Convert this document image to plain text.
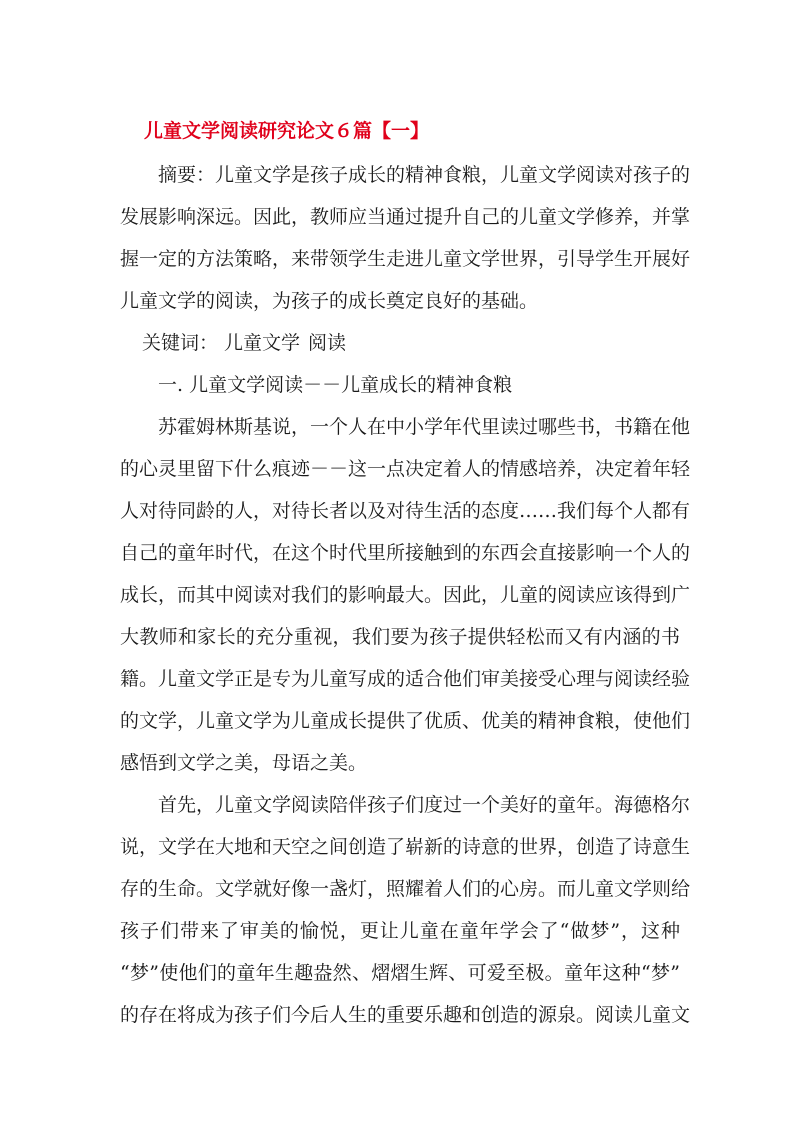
儿童文学阅读研究论文６篇【一】
摘要：儿童文学是孩子成长的精神食粮，儿童文学阅读对孩子的
发展影响深远。因此，教师应当通过提升自己的儿童文学修养，并掌
握一定的方法策略，来带领学生走进儿童文学世界，引导学生开展好
儿童文学的阅读，为孩子的成长奠定良好的基础。
关键词： 儿童文学 阅读
一. 儿童文学阅读－－儿童成长的精神食粮
苏霍姆林斯基说，一个人在中小学年代里读过哪些书，书籍在他
的心灵里留下什么痕迹－－这一点决定着人的情感培养，决定着年轻
人对待同龄的人，对待长者以及对待生活的态度……我们每个人都有
自己的童年时代，在这个时代里所接触到的东西会直接影响一个人的
成长，而其中阅读对我们的影响最大。因此，儿童的阅读应该得到广
大教师和家长的充分重视，我们要为孩子提供轻松而又有内涵的书
籍。儿童文学正是专为儿童写成的适合他们审美接受心理与阅读经验
的文学，儿童文学为儿童成长提供了优质、优美的精神食粮，使他们
感悟到文学之美，母语之美。
首先，儿童文学阅读陪伴孩子们度过一个美好的童年。海德格尔
说，文学在大地和天空之间创造了崭新的诗意的世界，创造了诗意生
存的生命。文学就好像一盏灯，照耀着人们的心房。而儿童文学则给
孩子们带来了审美的愉悦，更让儿童在童年学会了“做梦”，这种
“梦”使他们的童年生趣盎然、熠熠生辉、可爱至极。童年这种“梦”
的存在将成为孩子们今后人生的重要乐趣和创造的源泉。阅读儿童文
